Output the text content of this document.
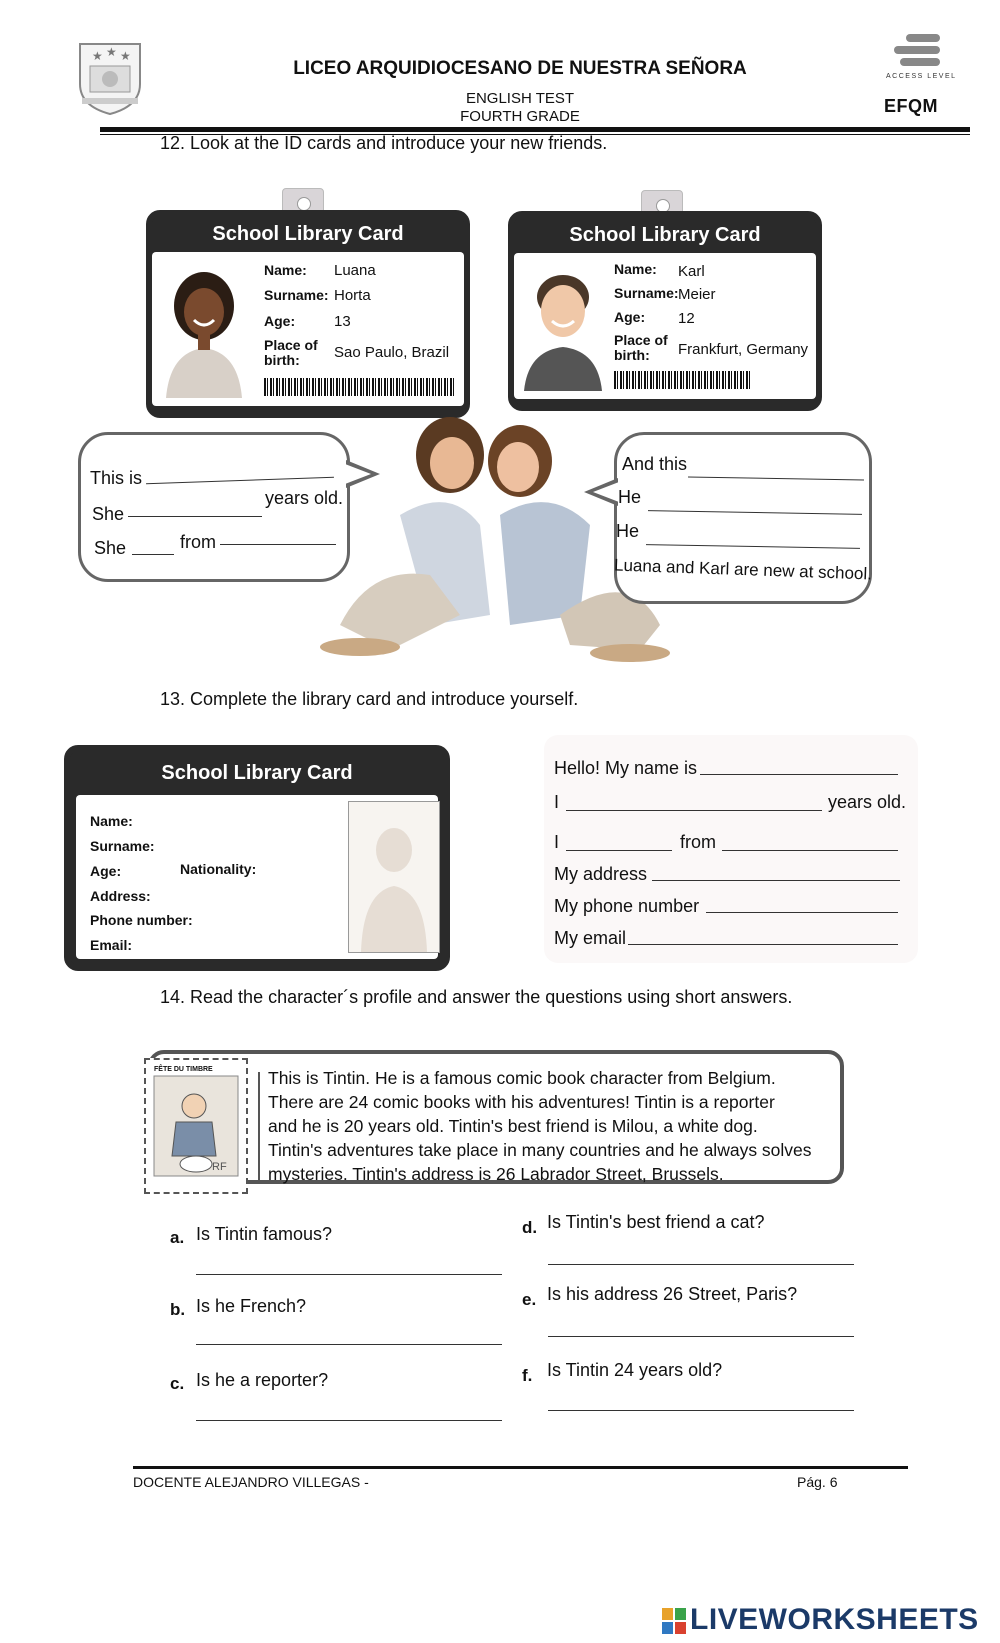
★ ★ ★
LICEO ARQUIDIOCESANO DE NUESTRA SEÑORA
ENGLISH TEST
FOURTH GRADE
ACCESS LEVEL
EFQM
12. Look at the ID cards and introduce your new friends.
School Library Card
Name: Luana
Surname: Horta
Age:	13
Place of birth:	Sao Paulo, Brazil
School Library Card
Name: Karl
Surname: Meier
Age: 12
Place of birth:	Frankfurt, Germany
This is
She
years old.
She	from
And this
He
He
Luana and Karl are new at school.
13. Complete the library card and introduce yourself.
School Library Card
Name:
Surname:
Age:	Nationality:
Address:
Phone number:
Email:
Hello! My name is
I	years old.
I	from
My address
My phone number
My email
14. Read the character´s profile and answer the questions using short answers.
FÊTE DU TIMBRE
RF
This is Tintin. He is a famous comic book character from Belgium.
There are 24 comic books with his adventures! Tintin is a reporter
and he is 20 years old. Tintin's best friend is Milou, a white dog.
Tintin's adventures take place in many countries and he always solves
mysteries. Tintin's address is 26 Labrador Street, Brussels.
a. Is Tintin famous?
b. Is he French?
c. Is he a reporter?
d. Is Tintin's best friend a cat?
e. Is his address 26 Street, Paris?
f. Is Tintin 24 years old?
DOCENTE ALEJANDRO VILLEGAS -	Pág. 6
LIVEWORKSHEETS
